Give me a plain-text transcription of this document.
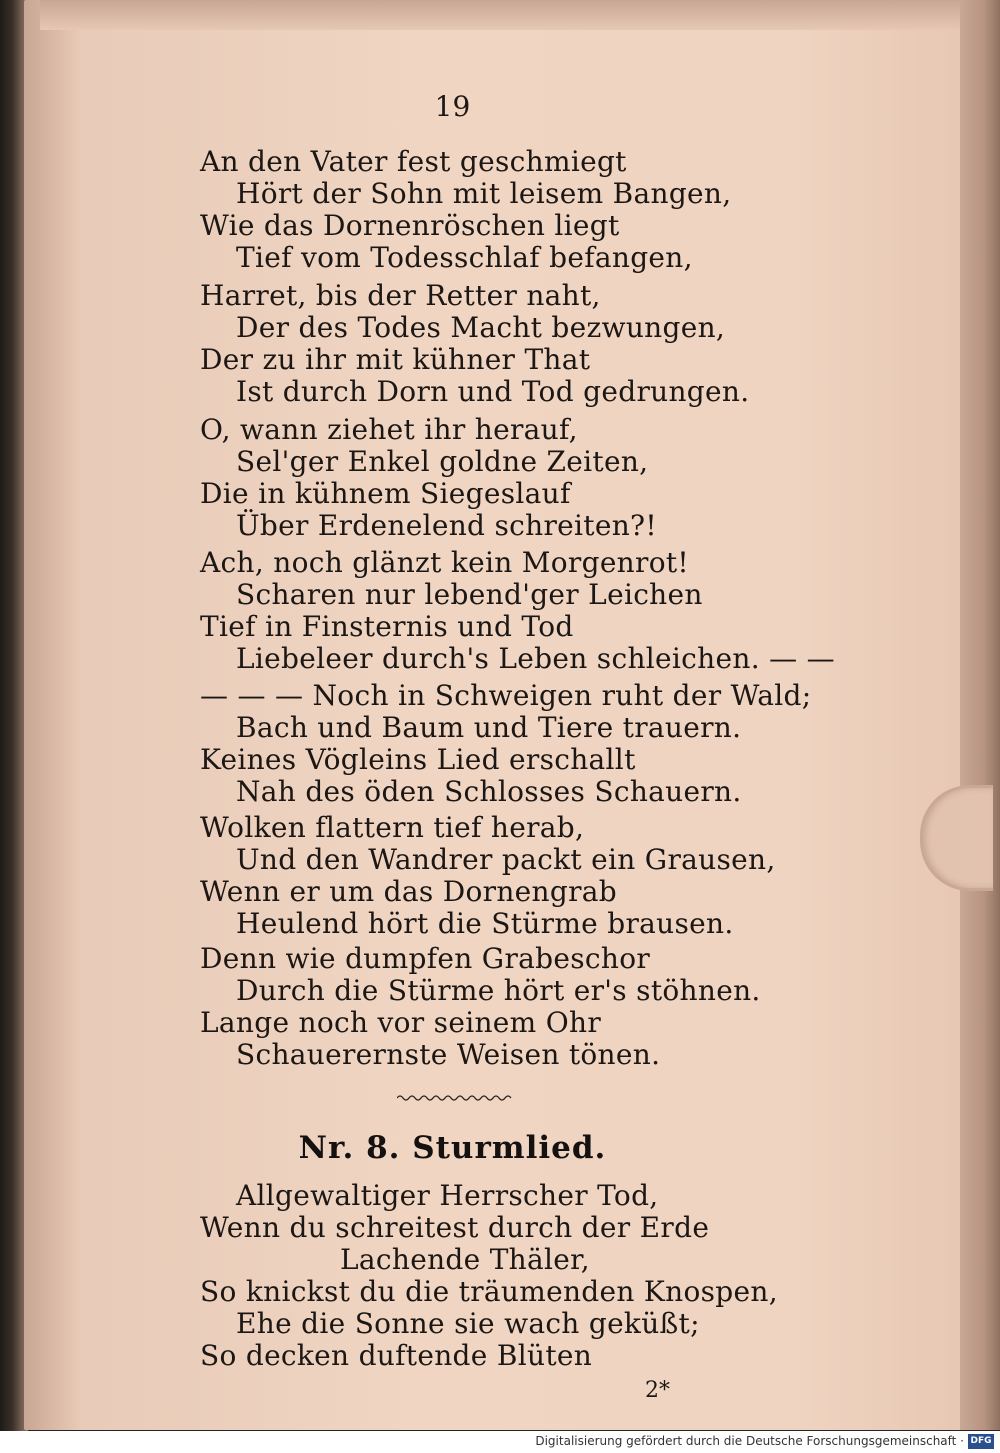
19
An den Vater fest geschmiegt
Hört der Sohn mit leisem Bangen,
Wie das Dornenröschen liegt
Tief vom Todesschlaf befangen,
Harret, bis der Retter naht,
Der des Todes Macht bezwungen,
Der zu ihr mit kühner That
Ist durch Dorn und Tod gedrungen.
O, wann ziehet ihr herauf,
Sel'ger Enkel goldne Zeiten,
Die in kühnem Siegeslauf
Über Erdenelend schreiten?!
Ach, noch glänzt kein Morgenrot!
Scharen nur lebend'ger Leichen
Tief in Finsternis und Tod
Liebeleer durch's Leben schleichen. — —
— — — Noch in Schweigen ruht der Wald;
Bach und Baum und Tiere trauern.
Keines Vögleins Lied erschallt
Nah des öden Schlosses Schauern.
Wolken flattern tief herab,
Und den Wandrer packt ein Grausen,
Wenn er um das Dornengrab
Heulend hört die Stürme brausen.
Denn wie dumpfen Grabeschor
Durch die Stürme hört er's stöhnen.
Lange noch vor seinem Ohr
Schauerernste Weisen tönen.
Nr. 8. Sturmlied.
Allgewaltiger Herrscher Tod,
Wenn du schreitest durch der Erde
Lachende Thäler,
So knickst du die träumenden Knospen,
Ehe die Sonne sie wach geküßt;
So decken duftende Blüten
2*
Digitalisierung gefördert durch die Deutsche Forschungsgemeinschaft · DFG
